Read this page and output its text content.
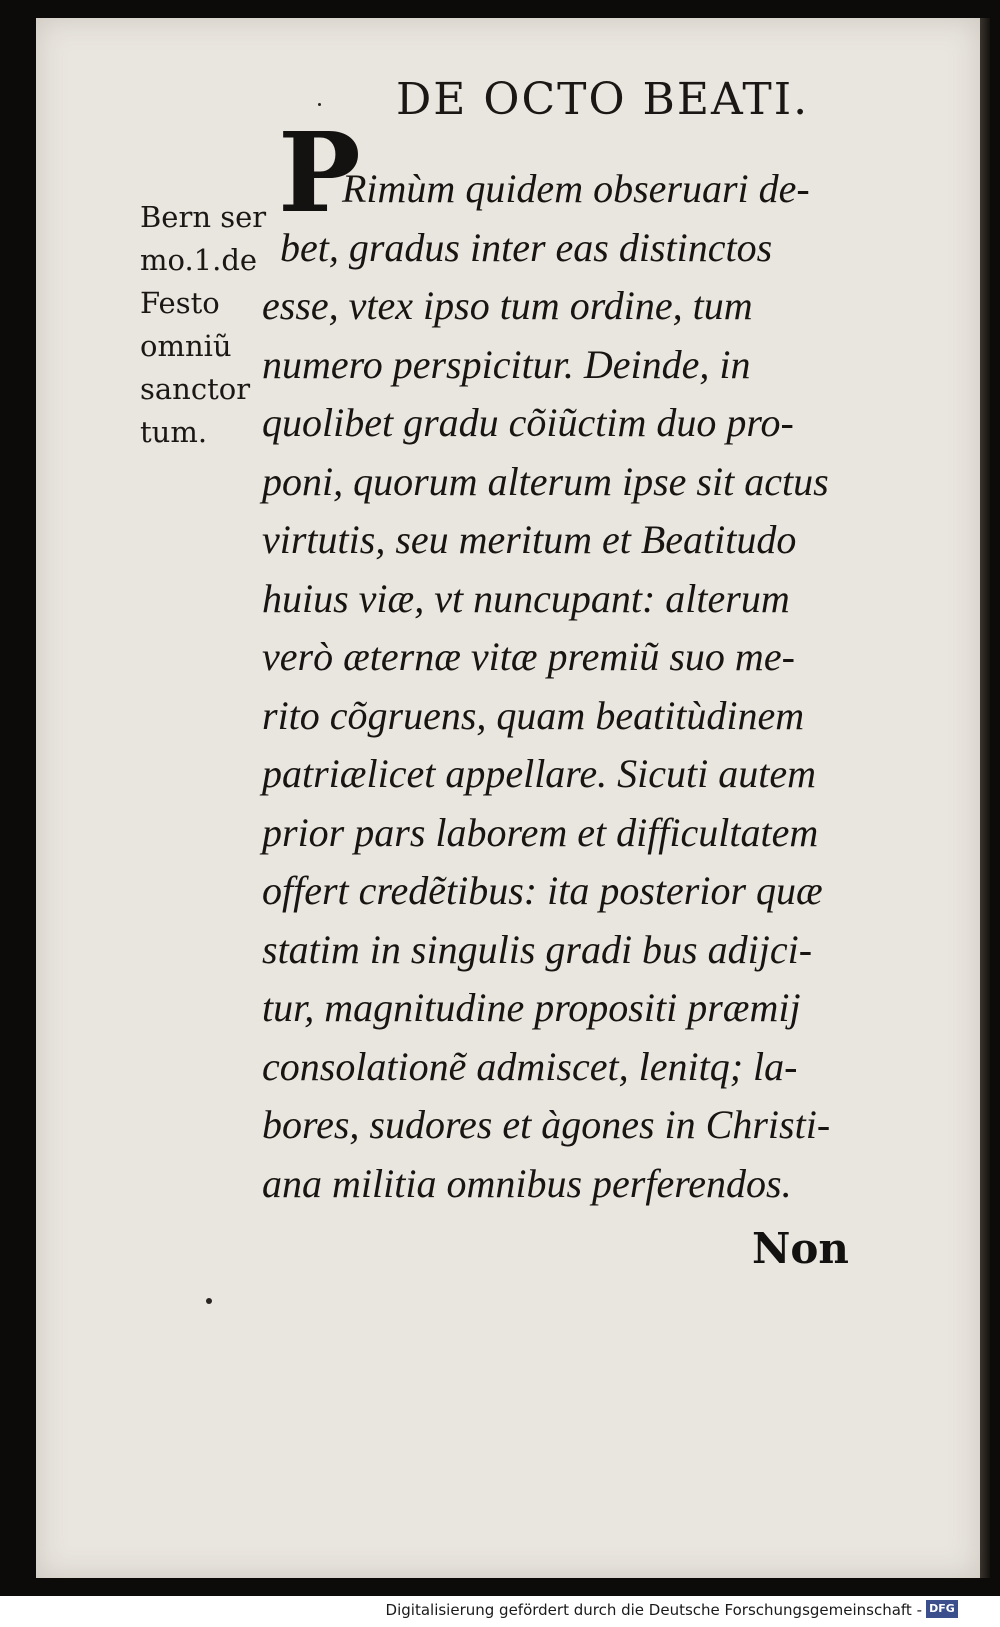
DE OCTO BEATI.
Bern ser
mo.1.de
Festo
omniũ
sanctor
tum.
P
Rimùm quidem obseruari de-
bet, gradus inter eas distinctos
esse, vtex ipso tum ordine, tum
numero perspicitur. Deinde, in
quolibet gradu cõiũctim duo pro-
poni, quorum alterum ipse sit actus
virtutis, seu meritum et Beatitudo
huius viæ, vt nuncupant: alterum
verò æternæ vitæ premiũ suo me-
rito cõgruens, quam beatitùdinem
patriælicet appellare. Sicuti autem
prior pars laborem et difficultatem
offert credẽtibus: ita posterior quæ
statim in singulis gradi bus adijci-
tur, magnitudine propositi præmij
consolationẽ admiscet, lenitq; la-
bores, sudores et àgones in Christi-
ana militia omnibus perferendos.
Non
Digitalisierung gefördert durch die Deutsche Forschungsgemeinschaft - DFG
